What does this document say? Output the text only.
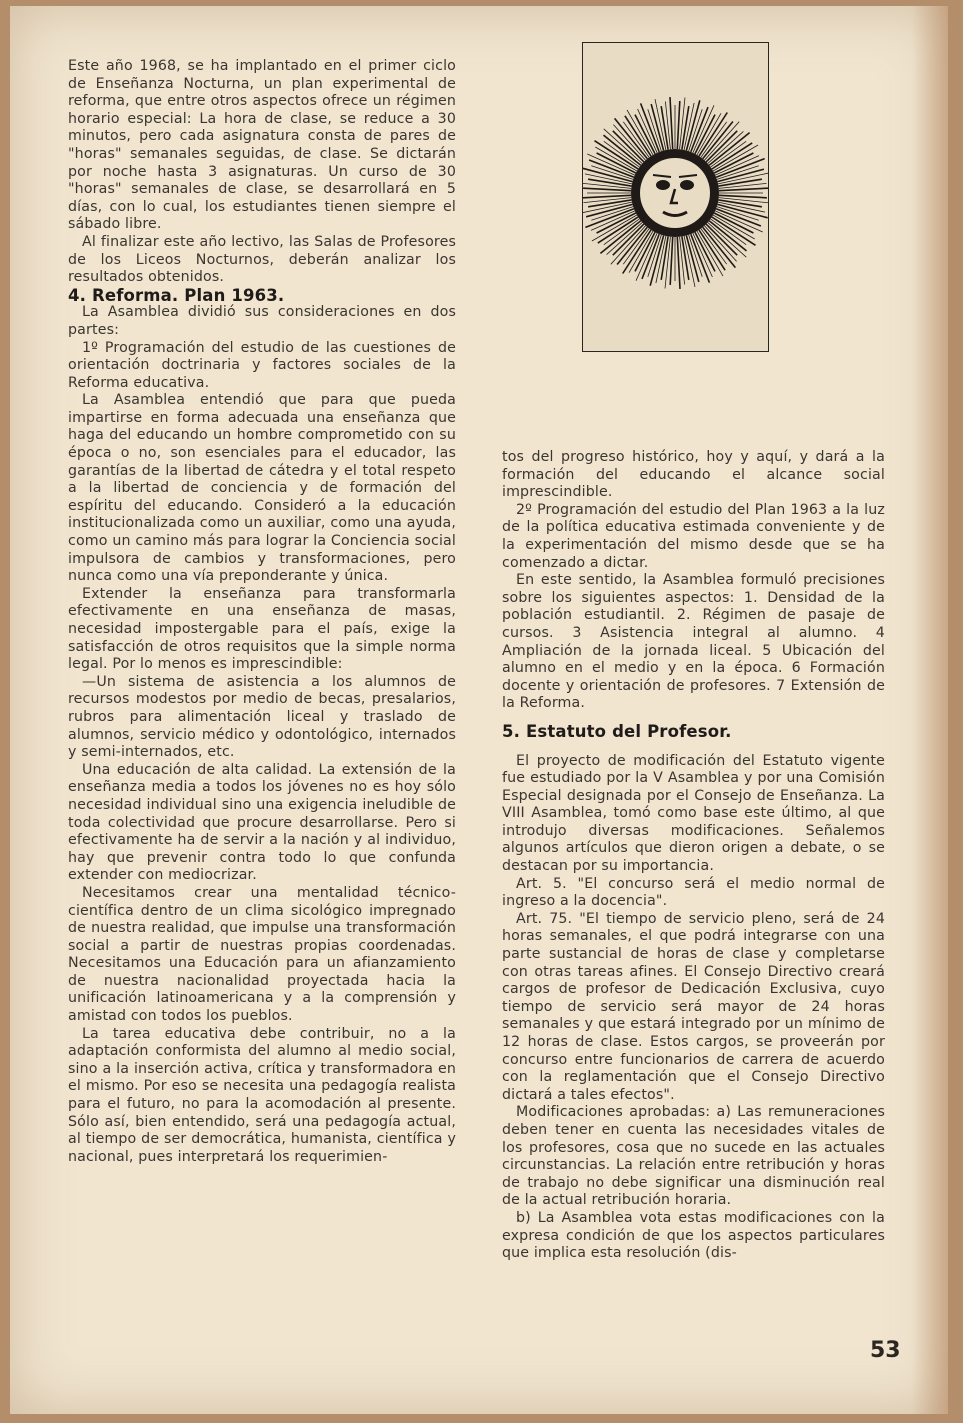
Este año 1968, se ha implantado en el primer ciclo de Enseñanza Nocturna, un plan experimental de reforma, que entre otros aspectos ofrece un régimen horario especial: La hora de clase, se reduce a 30 minutos, pero cada asignatura consta de pares de "horas" semanales seguidas, de clase. Se dictarán por noche hasta 3 asignaturas. Un curso de 30 "horas" semanales de clase, se desarrollará en 5 días, con lo cual, los estudiantes tienen siempre el sábado libre.

Al finalizar este año lectivo, las Salas de Profesores de los Liceos Nocturnos, deberán analizar los resultados obtenidos.

4. Reforma. Plan 1963.

La Asamblea dividió sus consideraciones en dos partes:

1º Programación del estudio de las cuestiones de orientación doctrinaria y factores sociales de la Reforma educativa.

La Asamblea entendió que para que pueda impartirse en forma adecuada una enseñanza que haga del educando un hombre comprometido con su época o no, son esenciales para el educador, las garantías de la libertad de cátedra y el total respeto a la libertad de conciencia y de formación del espíritu del educando. Consideró a la educación institucionalizada como un auxiliar, como una ayuda, como un camino más para lograr la Conciencia social impulsora de cambios y transformaciones, pero nunca como una vía preponderante y única.

Extender la enseñanza para transformarla efectivamente en una enseñanza de masas, necesidad impostergable para el país, exige la satisfacción de otros requisitos que la simple norma legal. Por lo menos es imprescindible:

—Un sistema de asistencia a los alumnos de recursos modestos por medio de becas, presalarios, rubros para alimentación liceal y traslado de alumnos, servicio médico y odontológico, internados y semi-internados, etc.

Una educación de alta calidad. La extensión de la enseñanza media a todos los jóvenes no es hoy sólo necesidad individual sino una exigencia ineludible de toda colectividad que procure desarrollarse. Pero si efectivamente ha de servir a la nación y al individuo, hay que prevenir contra todo lo que confunda extender con mediocrizar.

Necesitamos crear una mentalidad técnico-científica dentro de un clima sicológico impregnado de nuestra realidad, que impulse una transformación social a partir de nuestras propias coordenadas. Necesitamos una Educación para un afianzamiento de nuestra nacionalidad proyectada hacia la unificación latinoamericana y a la comprensión y amistad con todos los pueblos.

La tarea educativa debe contribuir, no a la adaptación conformista del alumno al medio social, sino a la inserción activa, crítica y transformadora en el mismo. Por eso se necesita una pedagogía realista para el futuro, no para la acomodación al presente. Sólo así, bien entendido, será una pedagogía actual, al tiempo de ser democrática, humanista, científica y nacional, pues interpretará los requerimien-

tos del progreso histórico, hoy y aquí, y dará a la formación del educando el alcance social imprescindible.

2º Programación del estudio del Plan 1963 a la luz de la política educativa estimada conveniente y de la experimentación del mismo desde que se ha comenzado a dictar.

En este sentido, la Asamblea formuló precisiones sobre los siguientes aspectos: 1. Densidad de la población estudiantil. 2. Régimen de pasaje de cursos. 3 Asistencia integral al alumno. 4 Ampliación de la jornada liceal. 5 Ubicación del alumno en el medio y en la época. 6 Formación docente y orientación de profesores. 7 Extensión de la Reforma.

5. Estatuto del Profesor.

El proyecto de modificación del Estatuto vigente fue estudiado por la V Asamblea y por una Comisión Especial designada por el Consejo de Enseñanza. La VIII Asamblea, tomó como base este último, al que introdujo diversas modificaciones. Señalemos algunos artículos que dieron origen a debate, o se destacan por su importancia.

Art. 5. "El concurso será el medio normal de ingreso a la docencia".

Art. 75. "El tiempo de servicio pleno, será de 24 horas semanales, el que podrá integrarse con una parte sustancial de horas de clase y completarse con otras tareas afines. El Consejo Directivo creará cargos de profesor de Dedicación Exclusiva, cuyo tiempo de servicio será mayor de 24 horas semanales y que estará integrado por un mínimo de 12 horas de clase. Estos cargos, se proveerán por concurso entre funcionarios de carrera de acuerdo con la reglamentación que el Consejo Directivo dictará a tales efectos".

Modificaciones aprobadas: a) Las remuneraciones deben tener en cuenta las necesidades vitales de los profesores, cosa que no sucede en las actuales circunstancias. La relación entre retribución y horas de trabajo no debe significar una disminución real de la actual retribución horaria.

b) La Asamblea vota estas modificaciones con la expresa condición de que los aspectos particulares que implica esta resolución (dis-

53
